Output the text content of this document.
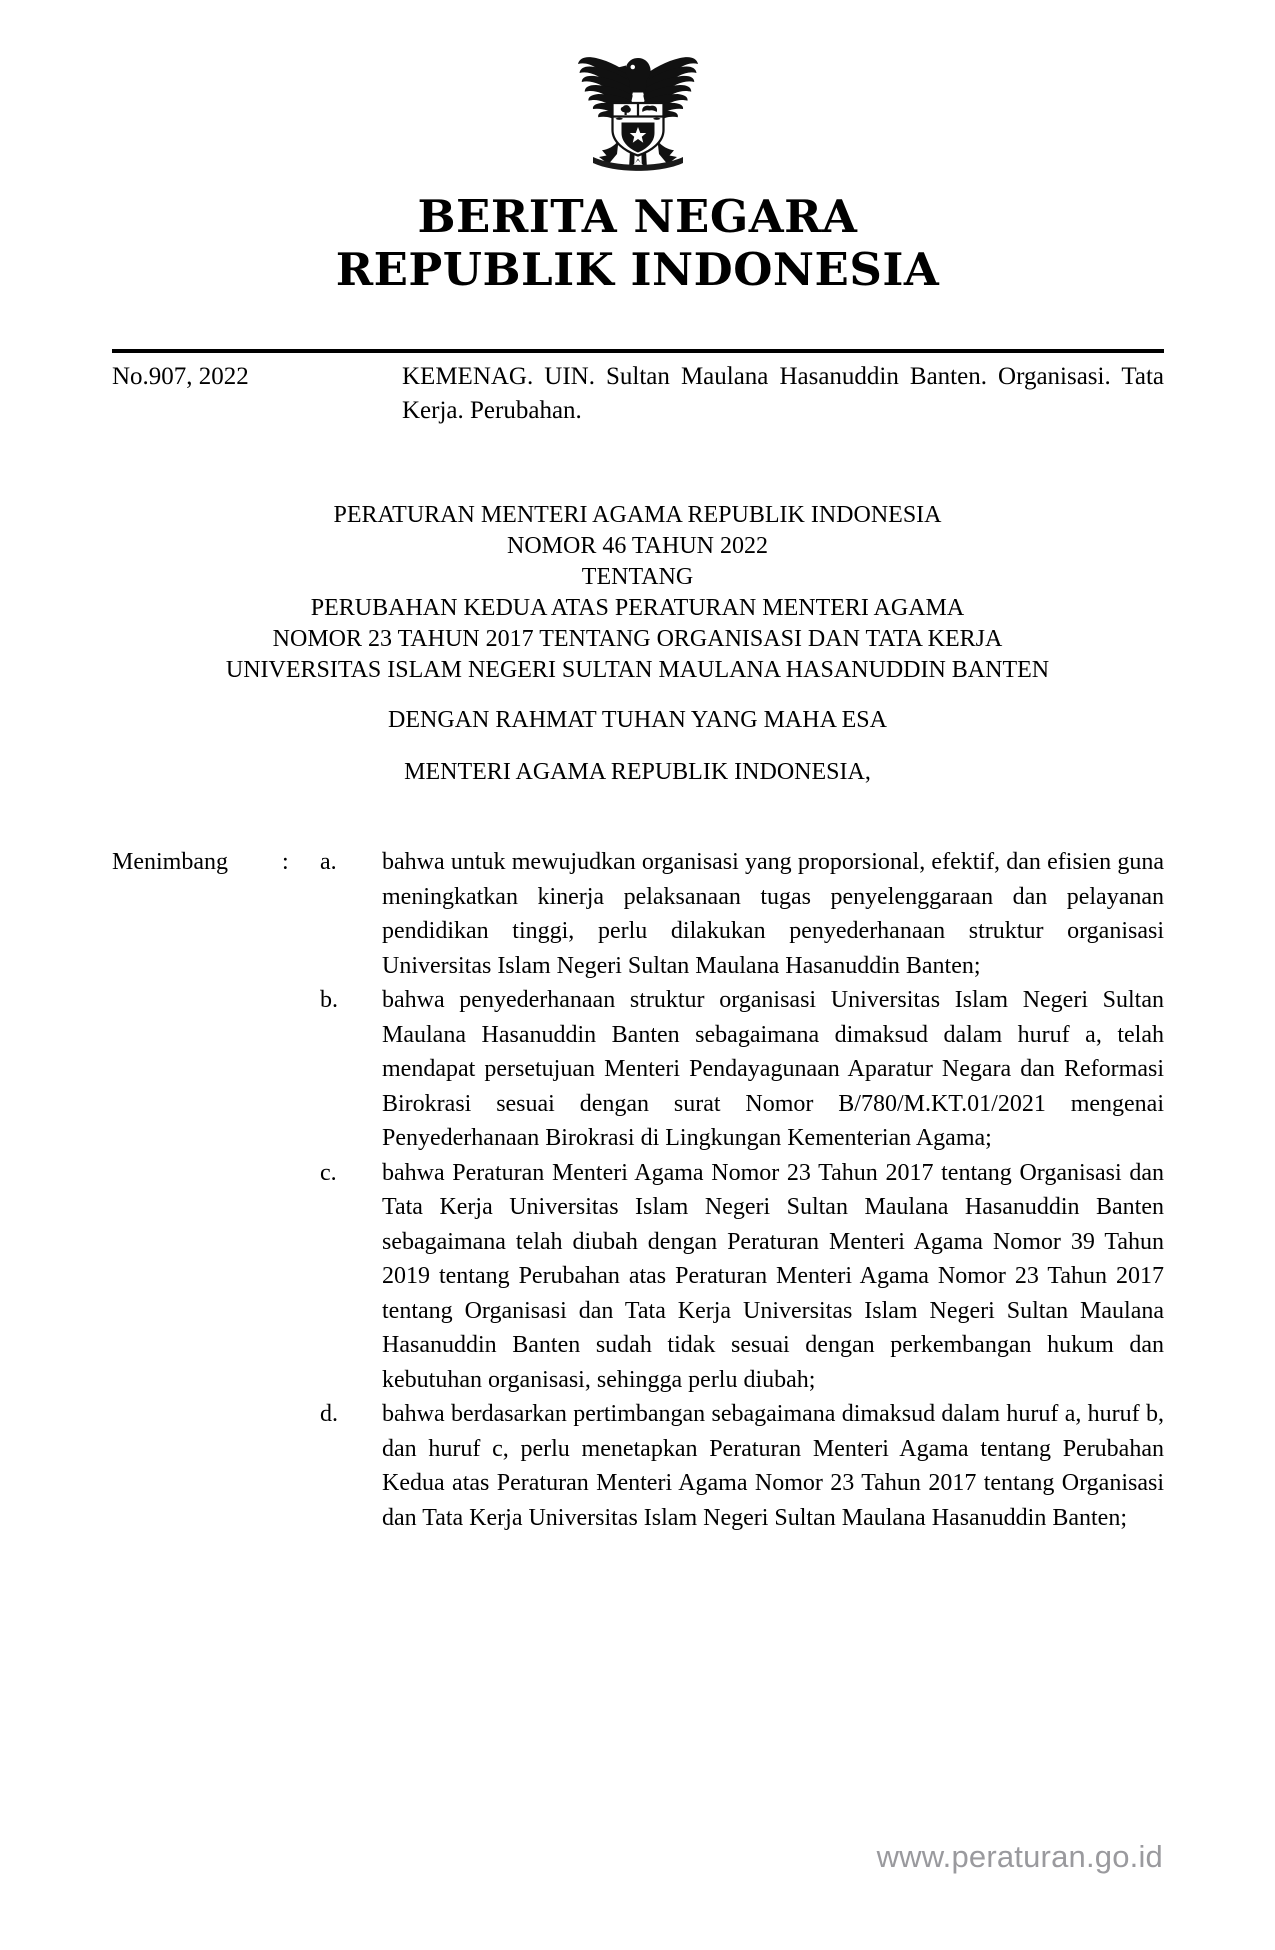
BERITA NEGARA
REPUBLIK INDONESIA
No.907, 2022	KEMENAG. UIN. Sultan Maulana Hasanuddin Banten. Organisasi. Tata Kerja. Perubahan.
PERATURAN MENTERI AGAMA REPUBLIK INDONESIA
NOMOR 46 TAHUN 2022
TENTANG
PERUBAHAN KEDUA ATAS PERATURAN MENTERI AGAMA
NOMOR 23 TAHUN 2017 TENTANG ORGANISASI DAN TATA KERJA
UNIVERSITAS ISLAM NEGERI SULTAN MAULANA HASANUDDIN BANTEN
DENGAN RAHMAT TUHAN YANG MAHA ESA
MENTERI AGAMA REPUBLIK INDONESIA,
Menimbang	:	a.	bahwa untuk mewujudkan organisasi yang proporsional, efektif, dan efisien guna meningkatkan kinerja pelaksanaan tugas penyelenggaraan dan pelayanan pendidikan tinggi, perlu dilakukan penyederhanaan struktur organisasi Universitas Islam Negeri Sultan Maulana Hasanuddin Banten;
b.	bahwa penyederhanaan struktur organisasi Universitas Islam Negeri Sultan Maulana Hasanuddin Banten sebagaimana dimaksud dalam huruf a, telah mendapat persetujuan Menteri Pendayagunaan Aparatur Negara dan Reformasi Birokrasi sesuai dengan surat Nomor B/780/M.KT.01/2021 mengenai Penyederhanaan Birokrasi di Lingkungan Kementerian Agama;
c.	bahwa Peraturan Menteri Agama Nomor 23 Tahun 2017 tentang Organisasi dan Tata Kerja Universitas Islam Negeri Sultan Maulana Hasanuddin Banten sebagaimana telah diubah dengan Peraturan Menteri Agama Nomor 39 Tahun 2019 tentang Perubahan atas Peraturan Menteri Agama Nomor 23 Tahun 2017 tentang Organisasi dan Tata Kerja Universitas Islam Negeri Sultan Maulana Hasanuddin Banten sudah tidak sesuai dengan perkembangan hukum dan kebutuhan organisasi, sehingga perlu diubah;
d.	bahwa berdasarkan pertimbangan sebagaimana dimaksud dalam huruf a, huruf b, dan huruf c, perlu menetapkan Peraturan Menteri Agama tentang Perubahan Kedua atas Peraturan Menteri Agama Nomor 23 Tahun 2017 tentang Organisasi dan Tata Kerja Universitas Islam Negeri Sultan Maulana Hasanuddin Banten;
www.peraturan.go.id
